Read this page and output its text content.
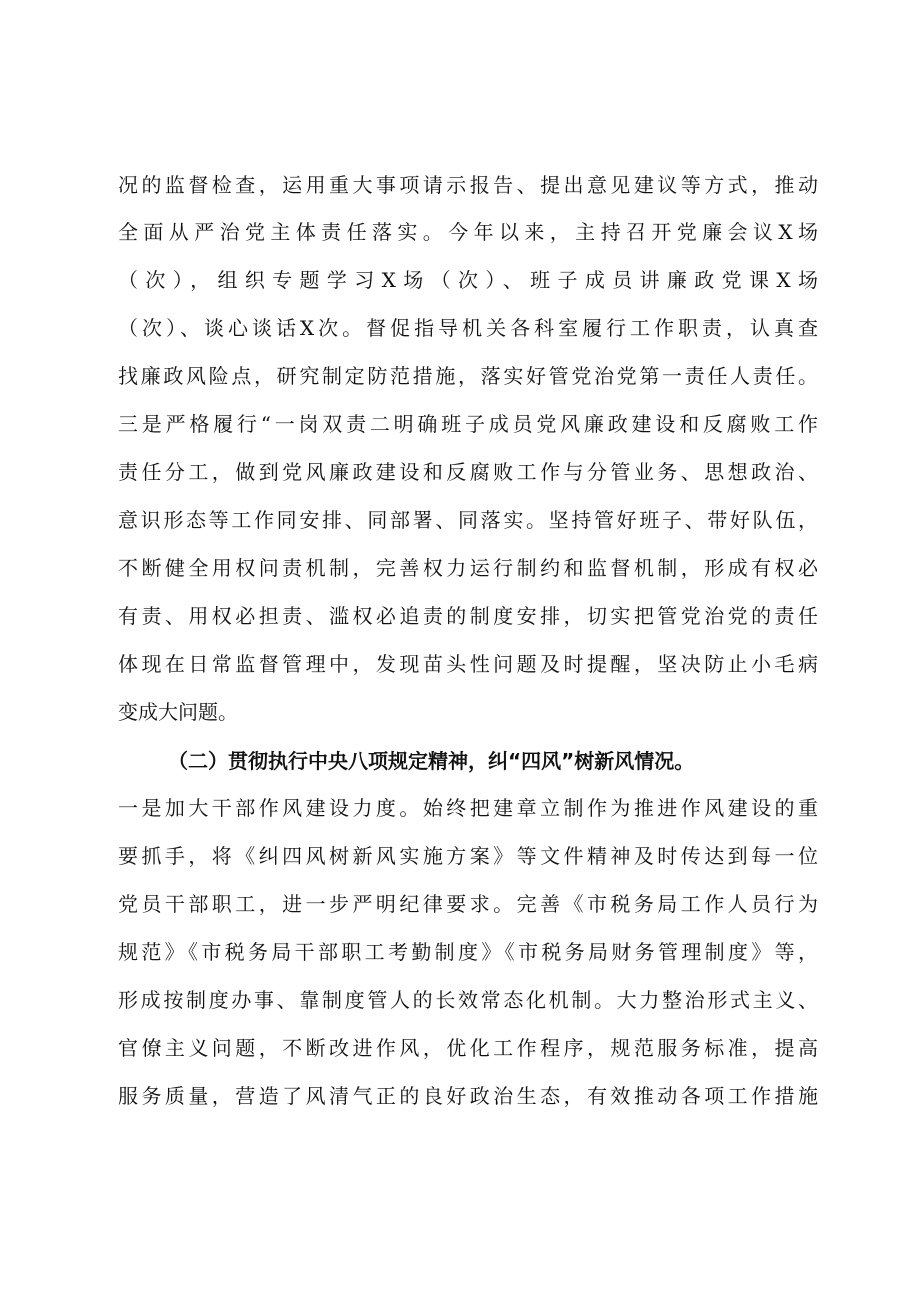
况的监督检查，运用重大事项请示报告、提出意见建议等方式，推动
全面从严治党主体责任落实。今年以来，主持召开党廉会议X场
（次），组织专题学习X场（次）、班子成员讲廉政党课X场
（次）、谈心谈话X次。督促指导机关各科室履行工作职责，认真查
找廉政风险点，研究制定防范措施，落实好管党治党第一责任人责任。
三是严格履行“一岗双责二明确班子成员党风廉政建设和反腐败工作
责任分工，做到党风廉政建设和反腐败工作与分管业务、思想政治、
意识形态等工作同安排、同部署、同落实。坚持管好班子、带好队伍，
不断健全用权问责机制，完善权力运行制约和监督机制，形成有权必
有责、用权必担责、滥权必追责的制度安排，切实把管党治党的责任
体现在日常监督管理中，发现苗头性问题及时提醒，坚决防止小毛病
变成大问题。
（二）贯彻执行中央八项规定精神，纠“四风”树新风情况。
一是加大干部作风建设力度。始终把建章立制作为推进作风建设的重
要抓手，将《纠四风树新风实施方案》等文件精神及时传达到每一位
党员干部职工，进一步严明纪律要求。完善《市税务局工作人员行为
规范》《市税务局干部职工考勤制度》《市税务局财务管理制度》等，
形成按制度办事、靠制度管人的长效常态化机制。大力整治形式主义、
官僚主义问题，不断改进作风，优化工作程序，规范服务标准，提高
服务质量，营造了风清气正的良好政治生态，有效推动各项工作措施
